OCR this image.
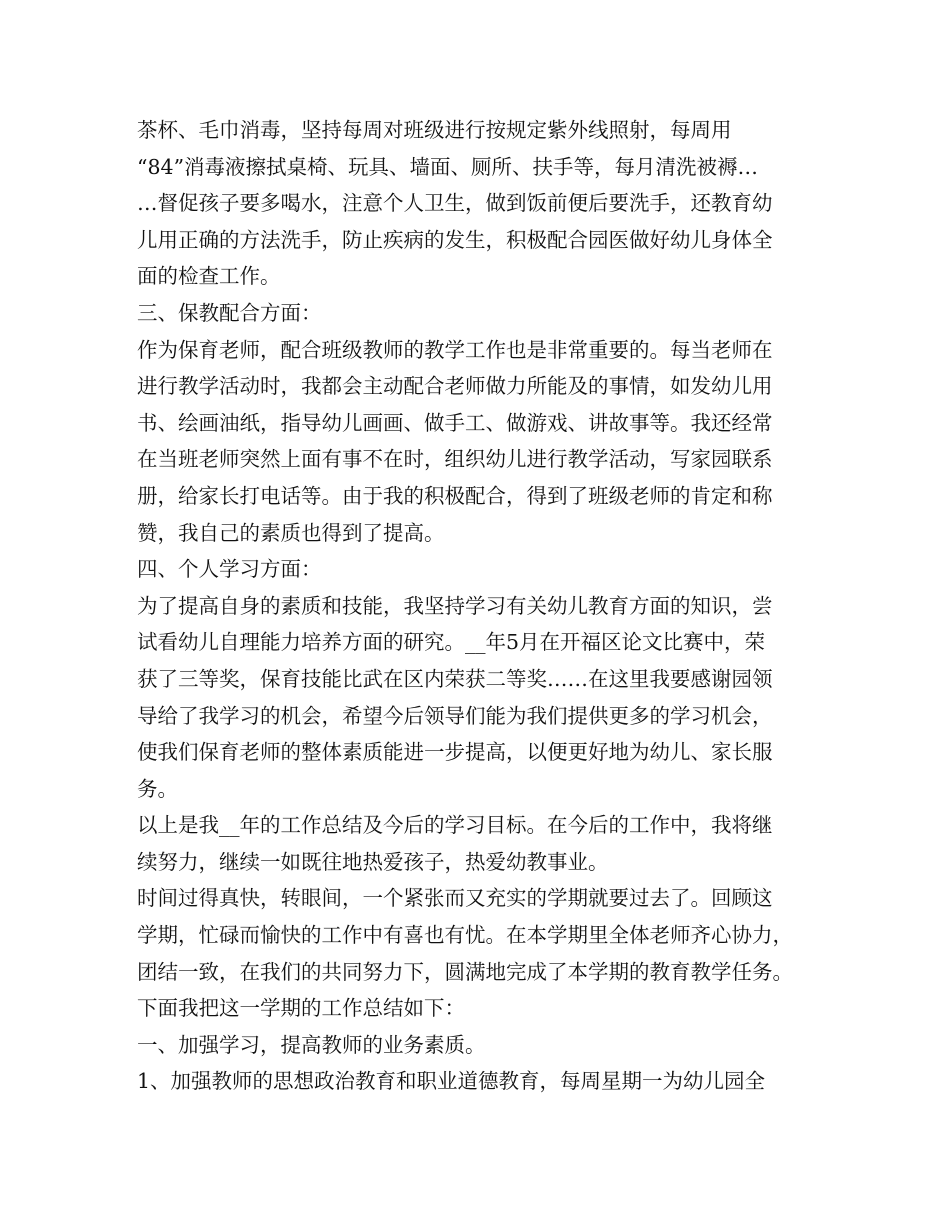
茶杯、毛巾消毒，坚持每周对班级进行按规定紫外线照射，每周用
“84”消毒液擦拭桌椅、玩具、墙面、厕所、扶手等，每月清洗被褥…
…督促孩子要多喝水，注意个人卫生，做到饭前便后要洗手，还教育幼
儿用正确的方法洗手，防止疾病的发生，积极配合园医做好幼儿身体全
面的检查工作。
三、保教配合方面：
作为保育老师，配合班级教师的教学工作也是非常重要的。每当老师在
进行教学活动时，我都会主动配合老师做力所能及的事情，如发幼儿用
书、绘画油纸，指导幼儿画画、做手工、做游戏、讲故事等。我还经常
在当班老师突然上面有事不在时，组织幼儿进行教学活动，写家园联系
册，给家长打电话等。由于我的积极配合，得到了班级老师的肯定和称
赞，我自己的素质也得到了提高。
四、个人学习方面：
为了提高自身的素质和技能，我坚持学习有关幼儿教育方面的知识，尝
试看幼儿自理能力培养方面的研究。__年5月在开福区论文比赛中，荣
获了三等奖，保育技能比武在区内荣获二等奖……在这里我要感谢园领
导给了我学习的机会，希望今后领导们能为我们提供更多的学习机会，
使我们保育老师的整体素质能进一步提高，以便更好地为幼儿、家长服
务。
以上是我__年的工作总结及今后的学习目标。在今后的工作中，我将继
续努力，继续一如既往地热爱孩子，热爱幼教事业。
时间过得真快，转眼间，一个紧张而又充实的学期就要过去了。回顾这
学期，忙碌而愉快的工作中有喜也有忧。在本学期里全体老师齐心协力，
团结一致，在我们的共同努力下，圆满地完成了本学期的教育教学任务。
下面我把这一学期的工作总结如下：
一、加强学习，提高教师的业务素质。
1、加强教师的思想政治教育和职业道德教育，每周星期一为幼儿园全
